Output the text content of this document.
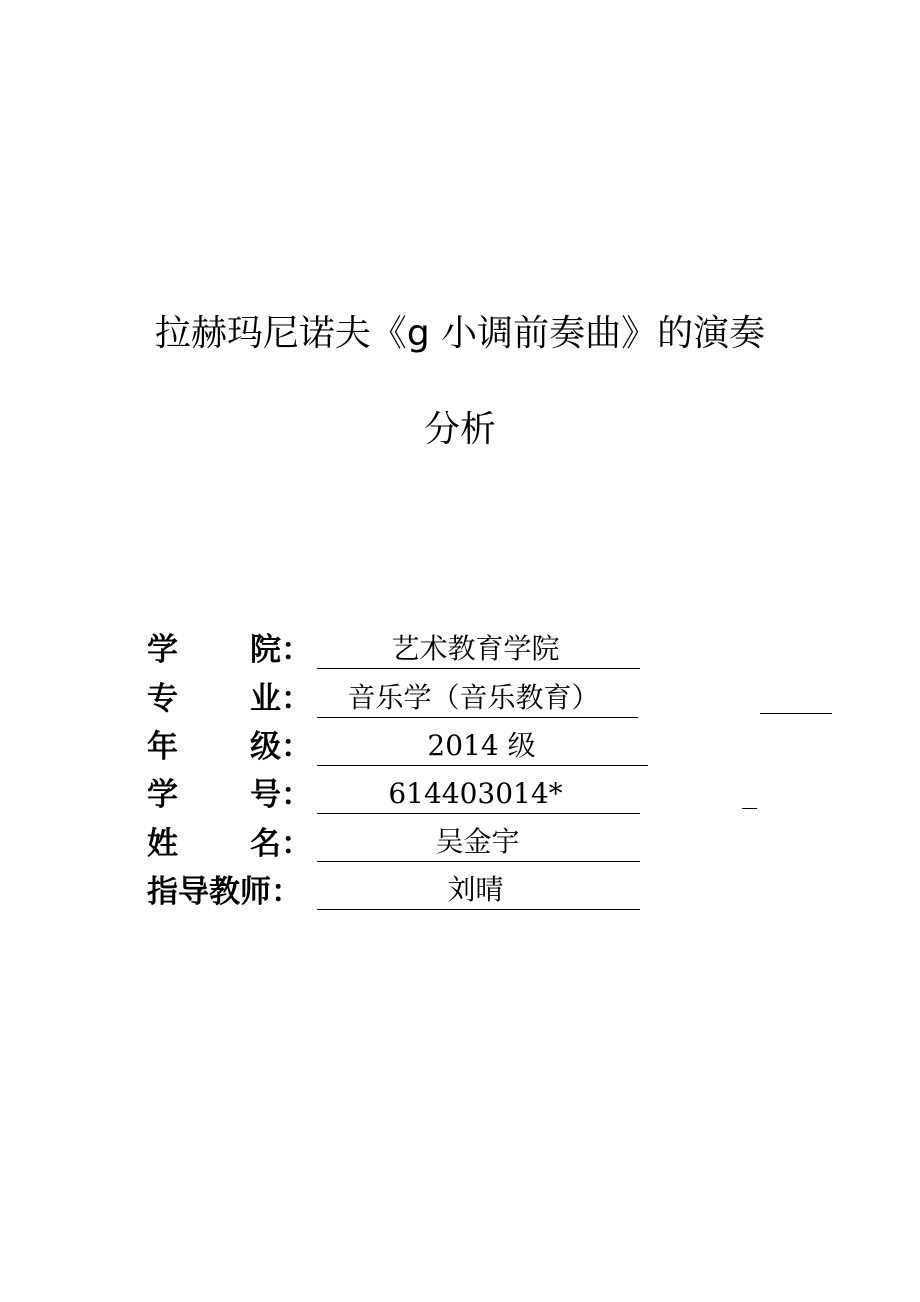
拉赫玛尼诺夫《g 小调前奏曲》的演奏
分析
学 院：	艺术教育学院
专 业：	音乐学（音乐教育）
年 级：	2014 级
学 号：	614403014*
姓 名：	吴金宇
指导教师：	刘晴
